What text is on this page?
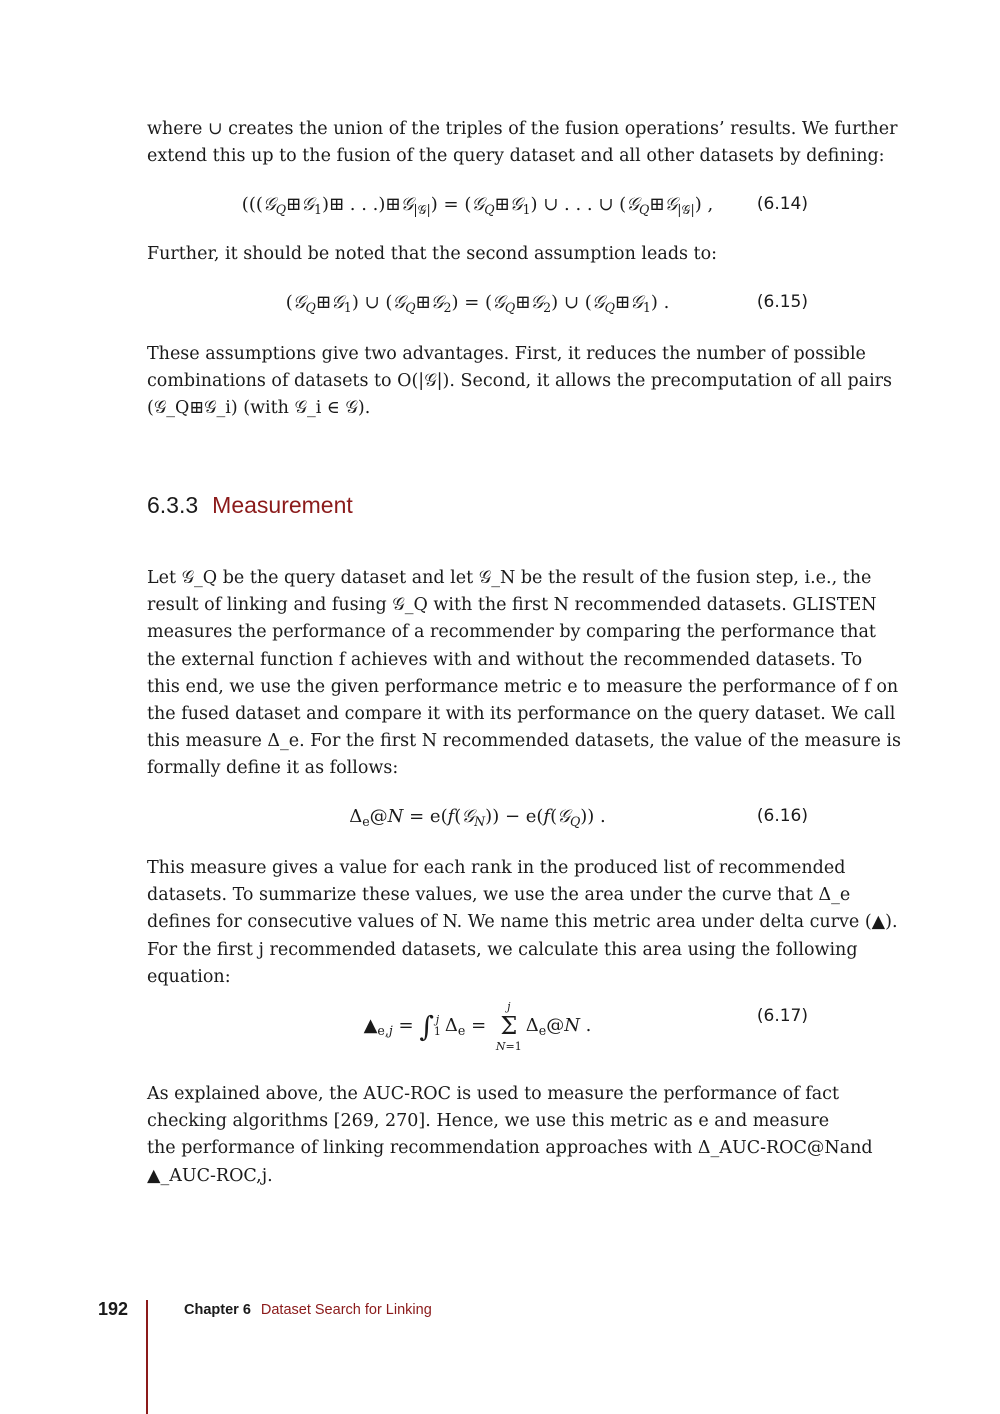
where ∪ creates the union of the triples of the fusion operations’ results. We further
extend this up to the fusion of the query dataset and all other datasets by defining:
(((𝒢$_Q$⊞𝒢$_1$)⊞ . . .)⊞𝒢$_{|𝒢|}$) = (𝒢$_Q$⊞𝒢$_1$) ∪ . . . ∪ (𝒢$_Q$⊞𝒢$_{|𝒢|}$) ,	(6.14)
Further, it should be noted that the second assumption leads to:
(𝒢$_Q$⊞𝒢$_1$) ∪ (𝒢$_Q$⊞𝒢$_2$) = (𝒢$_Q$⊞𝒢$_2$) ∪ (𝒢$_Q$⊞𝒢$_1$) .	(6.15)
These assumptions give two advantages. First, it reduces the number of possible
combinations of datasets to O(|𝒢|). Second, it allows the precomputation of all pairs
(𝒢_Q⊞𝒢_i) (with 𝒢_i ∈ 𝒢).
6.3.3 Measurement
Let 𝒢_Q be the query dataset and let 𝒢_N be the result of the fusion step, i.e., the
result of linking and fusing 𝒢_Q with the first N recommended datasets. GLISTEN
measures the performance of a recommender by comparing the performance that
the external function f achieves with and without the recommended datasets. To
this end, we use the given performance metric e to measure the performance of f on
the fused dataset and compare it with its performance on the query dataset. We call
this measure Δ_e. For the first N recommended datasets, the value of the measure is
formally define it as follows:
$\Delta_e@N$ = e(f(𝒢$_N$)) − e(f(𝒢$_Q$)) .	(6.16)
This measure gives a value for each rank in the produced list of recommended
datasets. To summarize these values, we use the area under the curve that Δ_e
defines for consecutive values of N. We name this metric area under delta curve (▲).
For the first j recommended datasets, we calculate this area using the following
equation:
$▲_{e,j}$ = ∫ j
1 $\Delta_e = j$
Σ
$N=1\Delta_e@N$ .	(6.17)
As explained above, the AUC-ROC is used to measure the performance of fact
checking algorithms [269, 270]. Hence, we use this metric as e and measure
the performance of linking recommendation approaches with Δ_AUC-ROC@Nand
▲_AUC-ROC,j.
192	Chapter 6 Dataset Search for Linking
